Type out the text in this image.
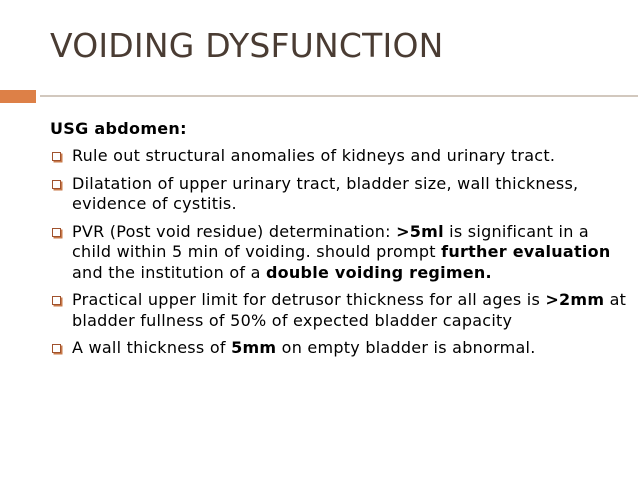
VOIDING DYSFUNCTION
USG abdomen:
Rule out structural anomalies of kidneys and urinary tract.
Dilatation of upper urinary tract, bladder size, wall thickness, evidence of cystitis.
PVR (Post void residue) determination: >5ml is significant in a child within 5 min of voiding. should prompt further evaluation and the institution of a double voiding regimen.
Practical upper limit for detrusor thickness for all ages is >2mm at bladder fullness of 50% of expected bladder capacity
A wall thickness of 5mm on empty bladder is abnormal.
